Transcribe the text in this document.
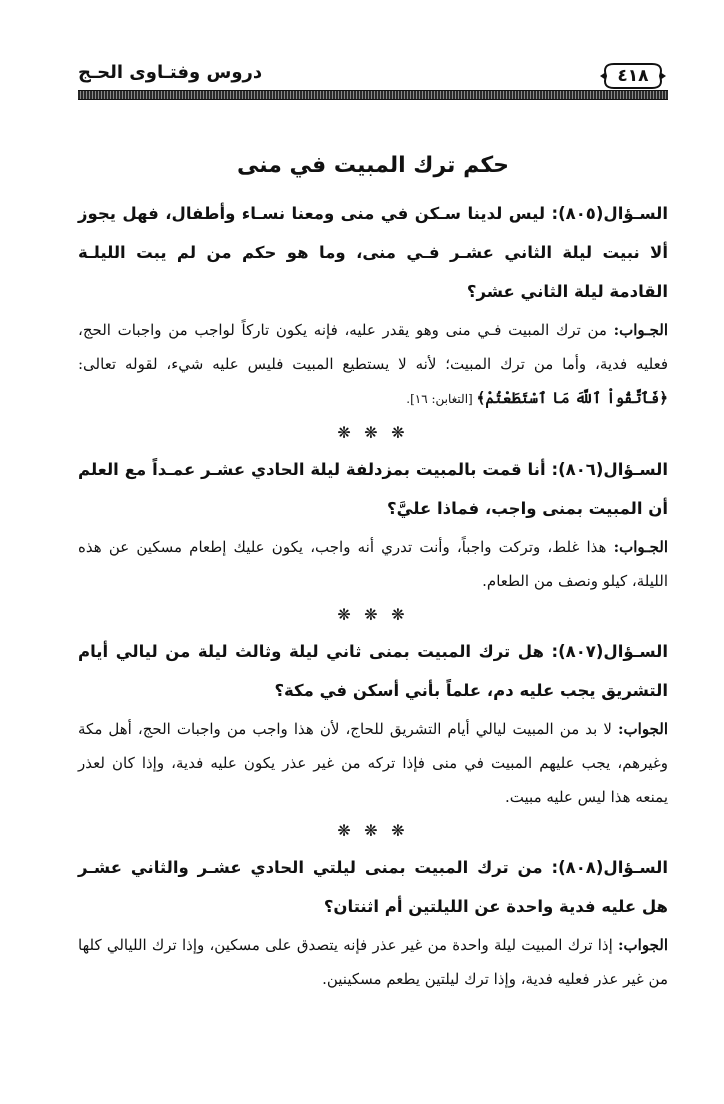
دروس وفتـاوى الحـج	٤١٨
حكم ترك المبيت في منى

السـؤال(٨٠٥): ليس لدينا سـكن في منى ومعنا نسـاء وأطفال، فهل يجوز ألا نبيت ليلة الثاني عشـر فـي منى، وما هو حكم من لم يبت الليلـة القادمة ليلة الثاني عشر؟

الجـواب: من ترك المبيت فـي منى وهو يقدر عليه، فإنه يكون تاركاً لواجب من واجبات الحج، فعليه فدية، وأما من ترك المبيت؛ لأنه لا يستطيع المبيت فليس عليه شيء، لقوله تعالى: ﴿فَٱتَّقُواْ ٱللَّهَ مَا ٱسْتَطَعْتُمْ﴾ [التغابن: ١٦].

❋ ❋ ❋

السـؤال(٨٠٦): أنا قمت بالمبيت بمزدلفة ليلة الحادي عشـر عمـداً مع العلم أن المبيت بمنى واجب، فماذا عليَّ؟

الجـواب: هذا غلط، وتركت واجباً، وأنت تدري أنه واجب، يكون عليك إطعام مسكين عن هذه الليلة، كيلو ونصف من الطعام.

❋ ❋ ❋

السـؤال(٨٠٧): هل ترك المبيت بمنى ثاني ليلة وثالث ليلة من ليالي أيام التشريق يجب عليه دم، علماً بأني أسكن في مكة؟

الجواب: لا بد من المبيت ليالي أيام التشريق للحاج، لأن هذا واجب من واجبات الحج، أهل مكة وغيرهم، يجب عليهم المبيت في منى فإذا تركه من غير عذر يكون عليه فدية، وإذا كان لعذر يمنعه هذا ليس عليه مبيت.

❋ ❋ ❋

السـؤال(٨٠٨): من ترك المبيت بمنى ليلتي الحادي عشـر والثاني عشـر هل عليه فدية واحدة عن الليلتين أم اثنتان؟

الجواب: إذا ترك المبيت ليلة واحدة من غير عذر فإنه يتصدق على مسكين، وإذا ترك الليالي كلها من غير عذر فعليه فدية، وإذا ترك ليلتين يطعم مسكينين.
